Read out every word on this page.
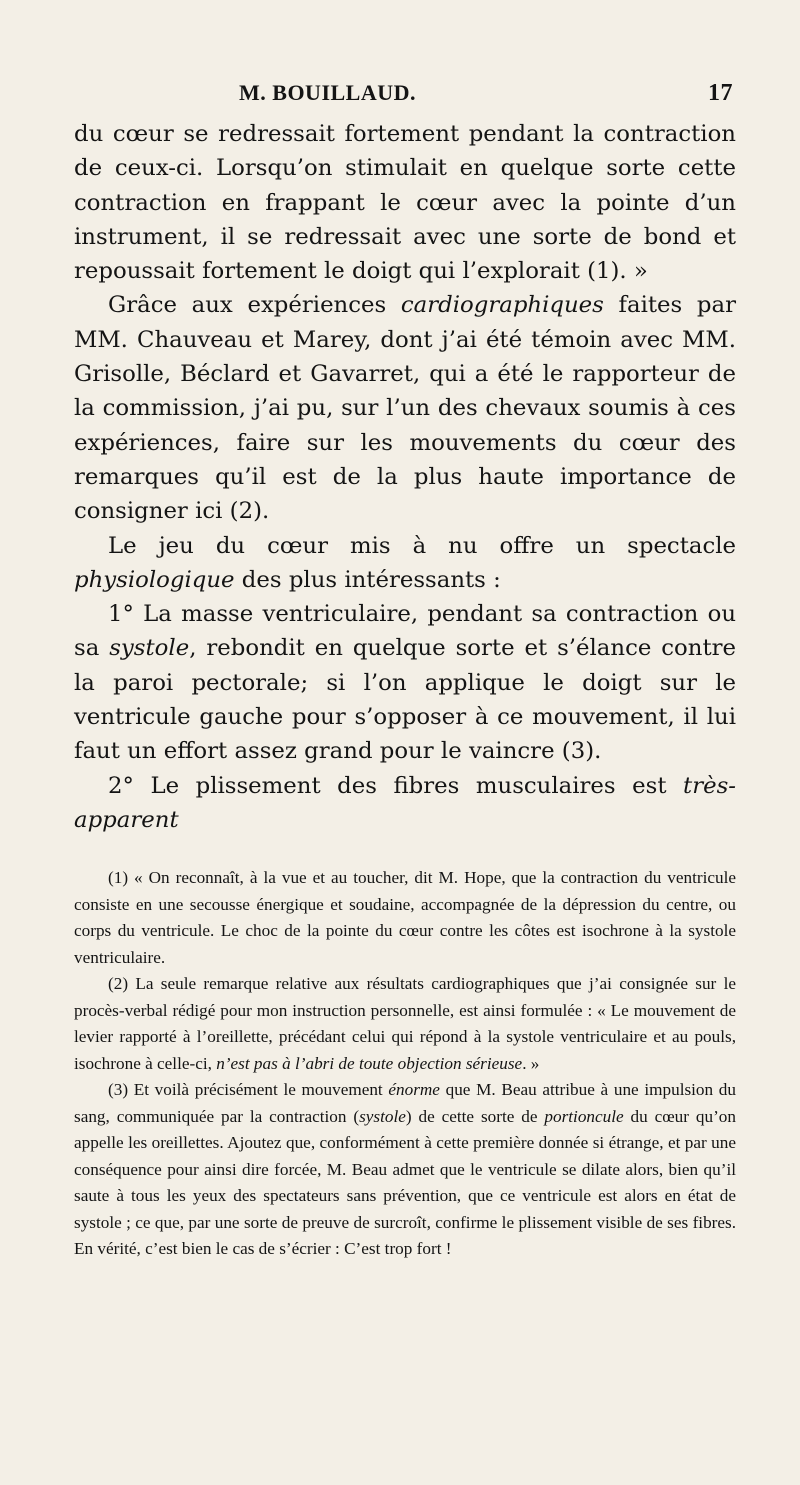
M. BOUILLAUD.	17

du cœur se redressait fortement pendant la contraction de ceux-ci. Lorsqu’on stimulait en quelque sorte cette contraction en frappant le cœur avec la pointe d’un instrument, il se redressait avec une sorte de bond et repoussait fortement le doigt qui l’explorait (1). »

Grâce aux expériences cardiographiques faites par MM. Chauveau et Marey, dont j’ai été témoin avec MM. Grisolle, Béclard et Gavarret, qui a été le rapporteur de la commission, j’ai pu, sur l’un des chevaux soumis à ces expériences, faire sur les mouvements du cœur des remarques qu’il est de la plus haute importance de consigner ici (2).

Le jeu du cœur mis à nu offre un spectacle physiologique des plus intéressants :

1° La masse ventriculaire, pendant sa contraction ou sa systole, rebondit en quelque sorte et s’élance contre la paroi pectorale; si l’on applique le doigt sur le ventricule gauche pour s’opposer à ce mouvement, il lui faut un effort assez grand pour le vaincre (3).

2° Le plissement des fibres musculaires est très-apparent

(1) « On reconnaît, à la vue et au toucher, dit M. Hope, que la contraction du ventricule consiste en une secousse énergique et soudaine, accompagnée de la dépression du centre, ou corps du ventricule. Le choc de la pointe du cœur contre les côtes est isochrone à la systole ventriculaire.

(2) La seule remarque relative aux résultats cardiographiques que j’ai consignée sur le procès-verbal rédigé pour mon instruction personnelle, est ainsi formulée : « Le mouvement de levier rapporté à l’oreillette, précédant celui qui répond à la systole ventriculaire et au pouls, isochrone à celle-ci, n’est pas à l’abri de toute objection sérieuse. »

(3) Et voilà précisément le mouvement énorme que M. Beau attribue à une impulsion du sang, communiquée par la contraction (systole) de cette sorte de portioncule du cœur qu’on appelle les oreillettes. Ajoutez que, conformément à cette première donnée si étrange, et par une conséquence pour ainsi dire forcée, M. Beau admet que le ventricule se dilate alors, bien qu’il saute à tous les yeux des spectateurs sans prévention, que ce ventricule est alors en état de systole ; ce que, par une sorte de preuve de surcroît, confirme le plissement visible de ses fibres. En vérité, c’est bien le cas de s’écrier : C’est trop fort !
